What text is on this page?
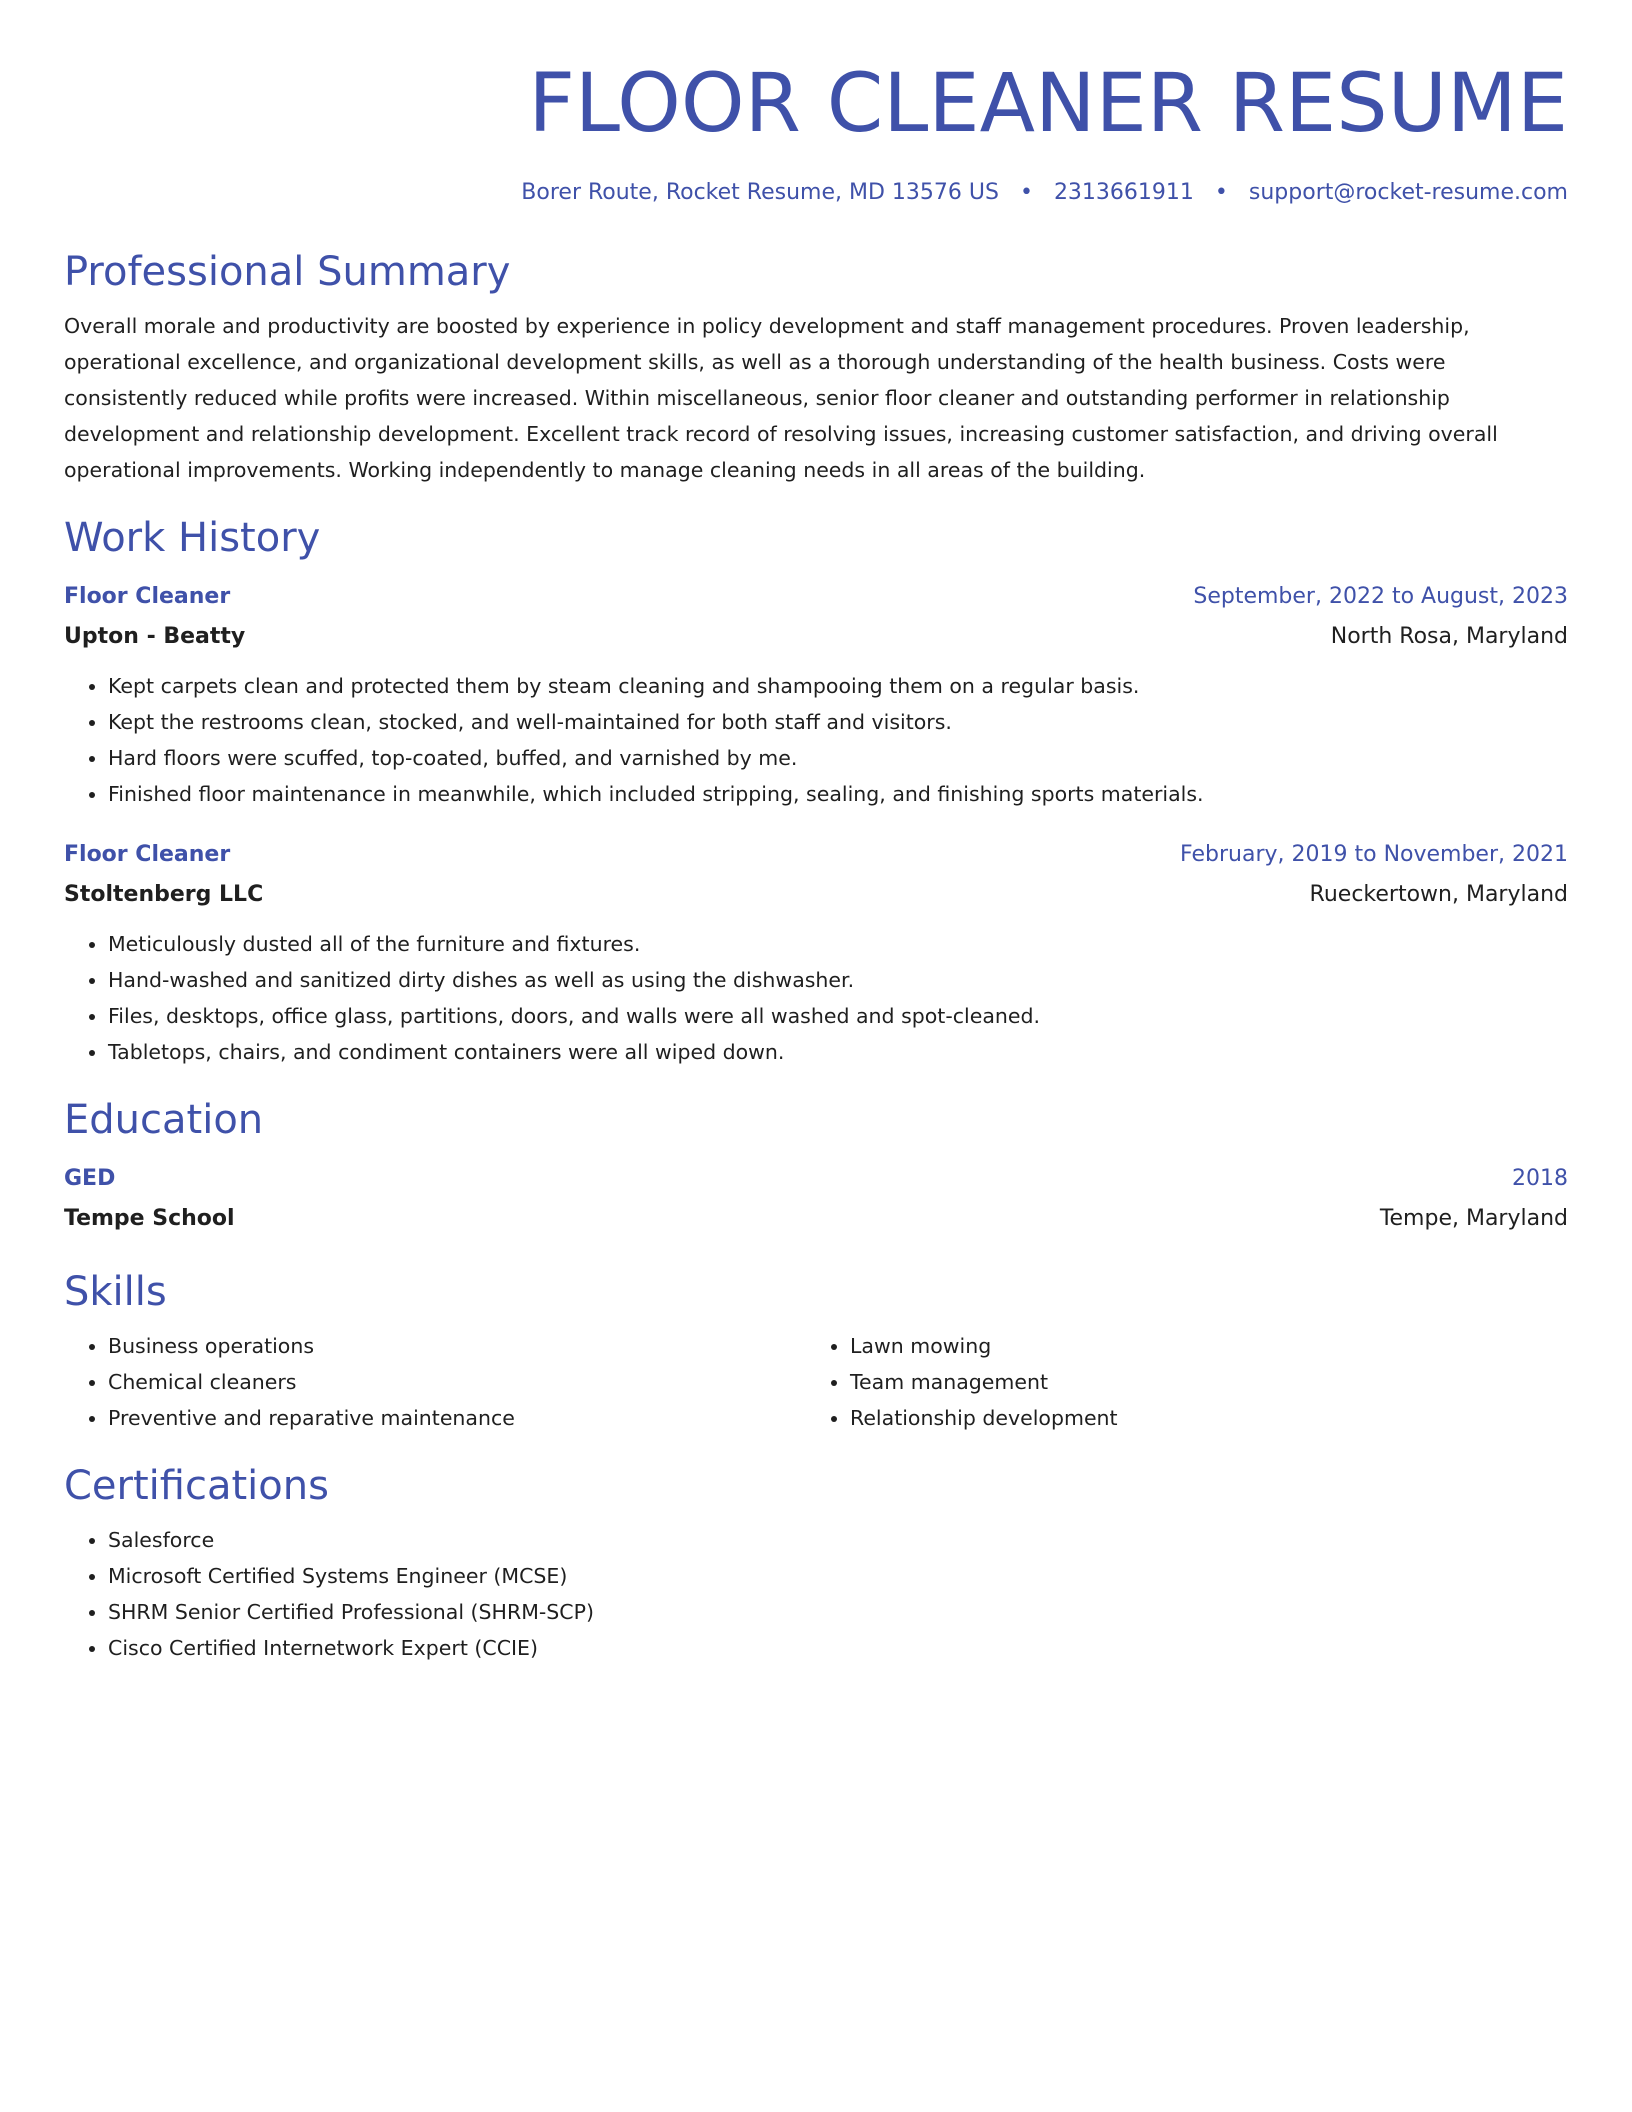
FLOOR CLEANER RESUME
Borer Route, Rocket Resume, MD 13576 US • 2313661911 • support@rocket-resume.com
Professional Summary

Overall morale and productivity are boosted by experience in policy development and staff management procedures. Proven leadership, operational excellence, and organizational development skills, as well as a thorough understanding of the health business. Costs were consistently reduced while profits were increased. Within miscellaneous, senior floor cleaner and outstanding performer in relationship development and relationship development. Excellent track record of resolving issues, increasing customer satisfaction, and driving overall operational improvements. Working independently to manage cleaning needs in all areas of the building.

Work History
Floor Cleaner	September, 2022 to August, 2023
Upton - Beatty	North Rosa, Maryland
• Kept carpets clean and protected them by steam cleaning and shampooing them on a regular basis.
• Kept the restrooms clean, stocked, and well-maintained for both staff and visitors.
• Hard floors were scuffed, top-coated, buffed, and varnished by me.
• Finished floor maintenance in meanwhile, which included stripping, sealing, and finishing sports materials.
Floor Cleaner	February, 2019 to November, 2021
Stoltenberg LLC	Rueckertown, Maryland
• Meticulously dusted all of the furniture and fixtures.
• Hand-washed and sanitized dirty dishes as well as using the dishwasher.
• Files, desktops, office glass, partitions, doors, and walls were all washed and spot-cleaned.
• Tabletops, chairs, and condiment containers were all wiped down.
Education
GED	2018
Tempe School	Tempe, Maryland
Skills
• Business operations
• Chemical cleaners
• Preventive and reparative maintenance
• Lawn mowing
• Team management
• Relationship development
Certifications
• Salesforce
• Microsoft Certified Systems Engineer (MCSE)
• SHRM Senior Certified Professional (SHRM-SCP)
• Cisco Certified Internetwork Expert (CCIE)
